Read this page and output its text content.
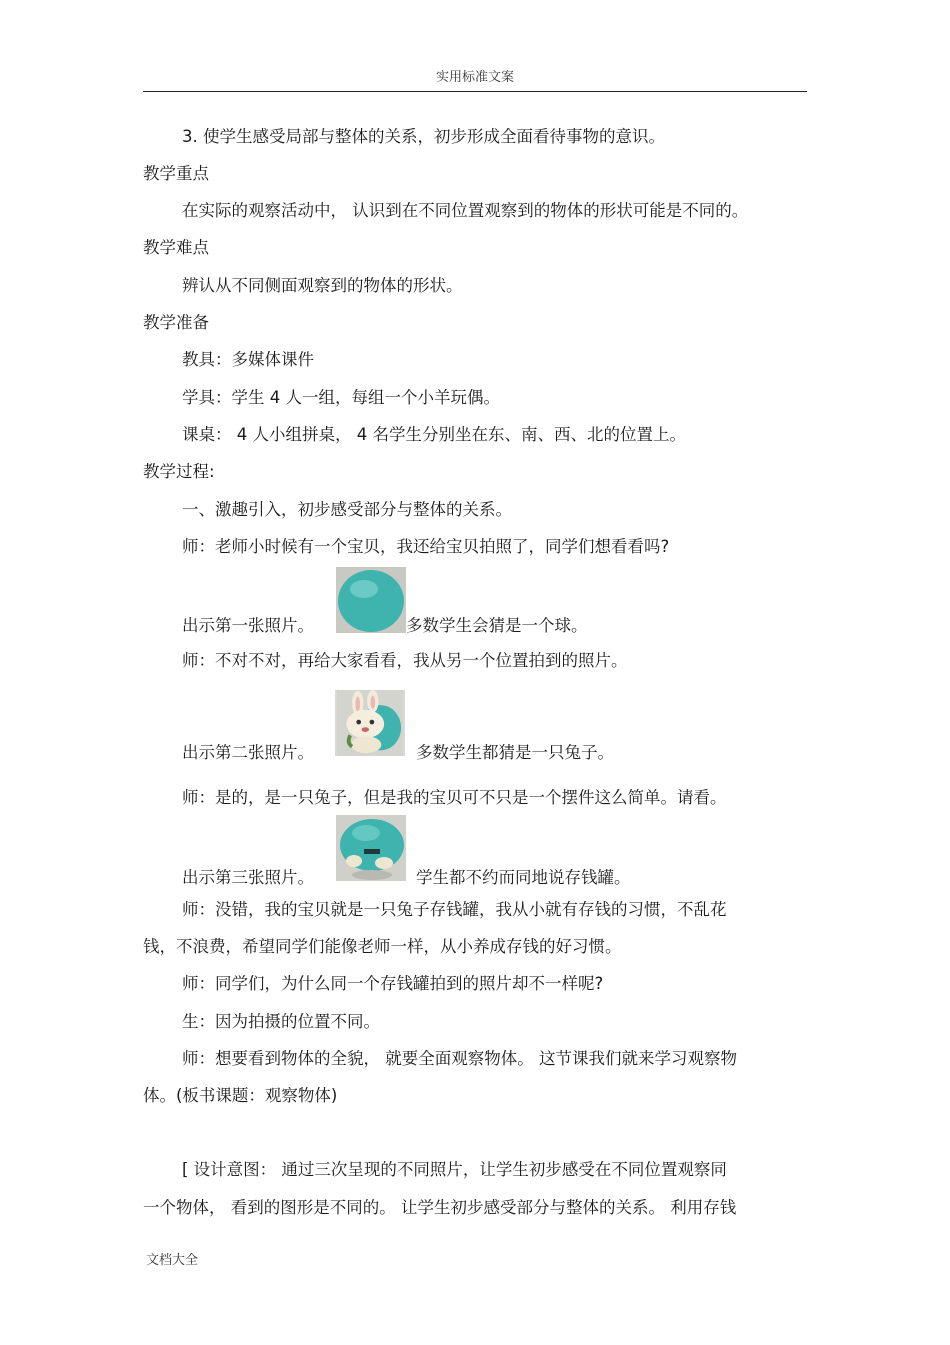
实用标准文案
3. 使学生感受局部与整体的关系，初步形成全面看待事物的意识。
教学重点
在实际的观察活动中， 认识到在不同位置观察到的物体的形状可能是不同的。
教学难点
辨认从不同侧面观察到的物体的形状。
教学准备
教具：多媒体课件
学具：学生 4 人一组，每组一个小羊玩偶。
课桌： 4 人小组拼桌， 4 名学生分别坐在东、南、西、北的位置上。
教学过程:
一、激趣引入，初步感受部分与整体的关系。
师：老师小时候有一个宝贝，我还给宝贝拍照了，同学们想看看吗?
出示第一张照片。	多数学生会猜是一个球。
师：不对不对，再给大家看看，我从另一个位置拍到的照片。
出示第二张照片。	多数学生都猜是一只兔子。
师：是的，是一只兔子，但是我的宝贝可不只是一个摆件这么简单。请看。
出示第三张照片。	学生都不约而同地说存钱罐。
师：没错，我的宝贝就是一只兔子存钱罐，我从小就有存钱的习惯，不乱花
钱，不浪费，希望同学们能像老师一样，从小养成存钱的好习惯。
师：同学们，为什么同一个存钱罐拍到的照片却不一样呢?
生：因为拍摄的位置不同。
师：想要看到物体的全貌， 就要全面观察物体。 这节课我们就来学习观察物
体。(板书课题：观察物体)
[ 设计意图： 通过三次呈现的不同照片，让学生初步感受在不同位置观察同
一个物体， 看到的图形是不同的。 让学生初步感受部分与整体的关系。 利用存钱
文档大全
